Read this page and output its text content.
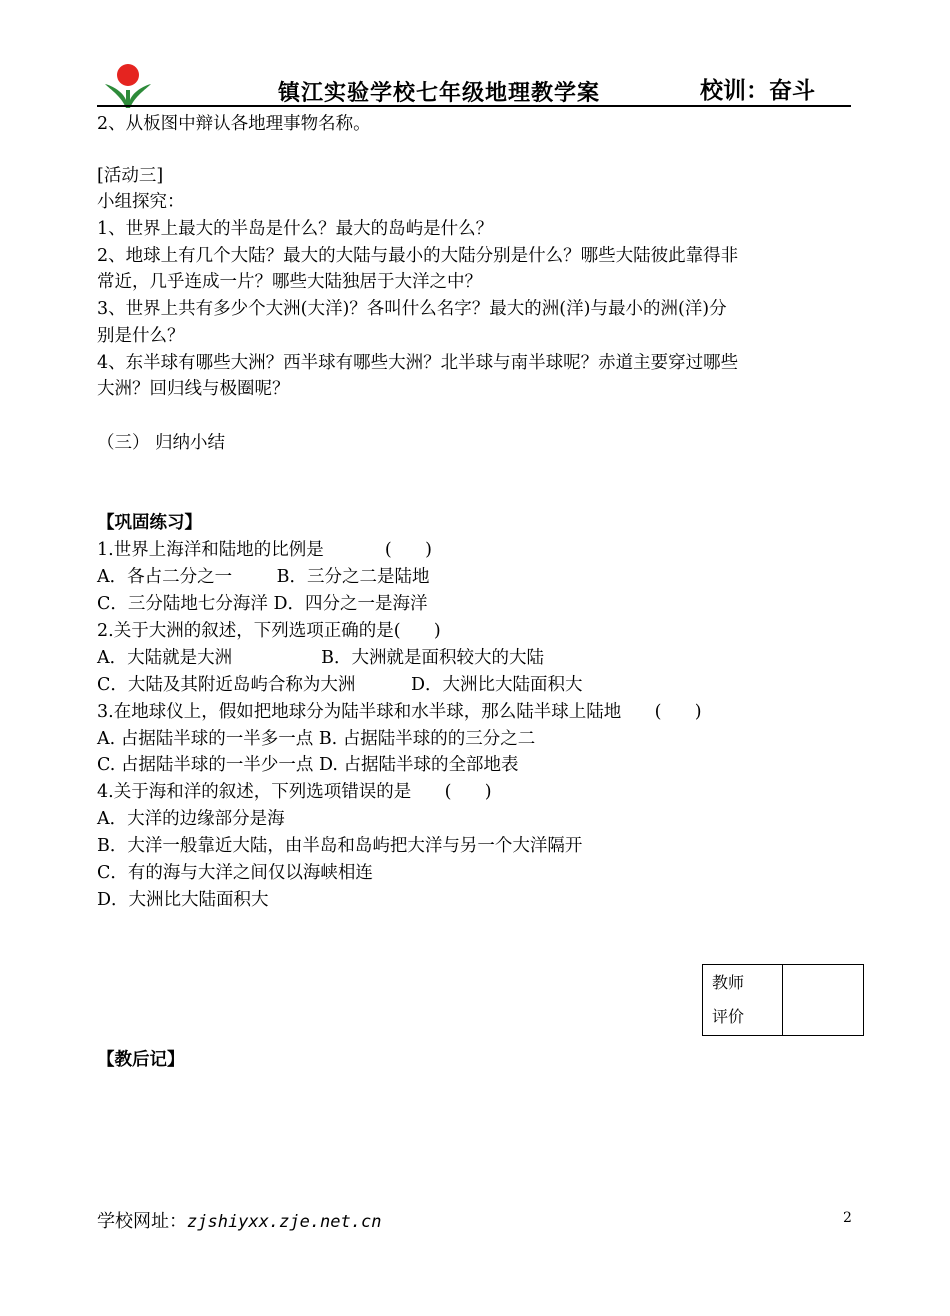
镇江实验学校七年级地理教学案	校训：奋斗
2、从板图中辩认各地理事物名称。
[活动三]
小组探究：
1、世界上最大的半岛是什么？最大的岛屿是什么？
2、地球上有几个大陆？最大的大陆与最小的大陆分别是什么？哪些大陆彼此靠得非
常近，几乎连成一片？哪些大陆独居于大洋之中？
3、世界上共有多少个大洲(大洋)？各叫什么名字？最大的洲(洋)与最小的洲(洋)分
别是什么？
4、东半球有哪些大洲？西半球有哪些大洲？北半球与南半球呢？赤道主要穿过哪些
大洲？回归线与极圈呢？
（三） 归纳小结
【巩固练习】
1.世界上海洋和陆地的比例是           (      )
A．各占二分之一        B．三分之二是陆地
C．三分陆地七分海洋 D．四分之一是海洋
2.关于大洲的叙述，下列选项正确的是(      )
A．大陆就是大洲                B．大洲就是面积较大的大陆
C．大陆及其附近岛屿合称为大洲          D．大洲比大陆面积大
3.在地球仪上，假如把地球分为陆半球和水半球，那么陆半球上陆地      (      )
A. 占据陆半球的一半多一点 B. 占据陆半球的的三分之二
C. 占据陆半球的一半少一点 D. 占据陆半球的全部地表
4.关于海和洋的叙述，下列选项错误的是      (      )
A．大洋的边缘部分是海
B．大洋一般靠近大陆，由半岛和岛屿把大洋与另一个大洋隔开
C．有的海与大洋之间仅以海峡相连
D．大洲比大陆面积大
教师
评价

【教后记】
学校网址：zjshiyxx.zje.net.cn	2
